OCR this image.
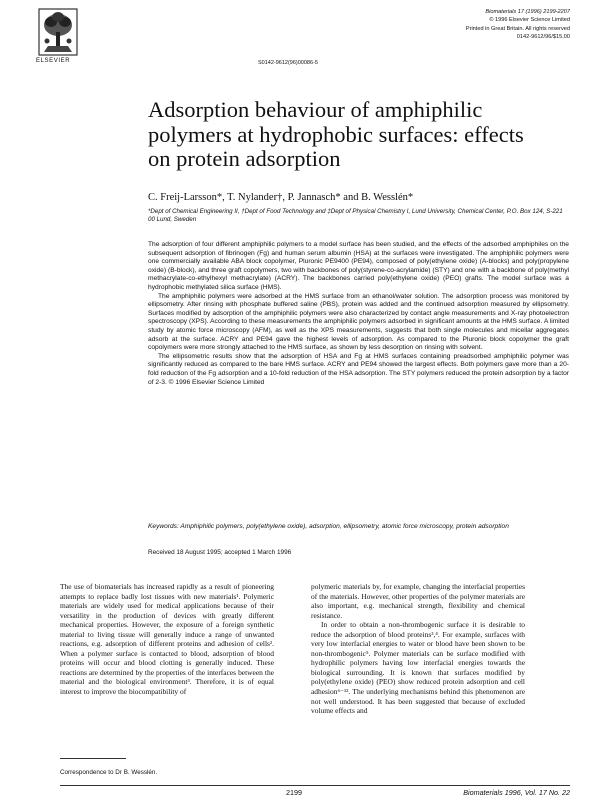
ELSEVIER	S0142-9612(96)00086-5
Biomaterials 17 (1996) 2199-2207
© 1996 Elsevier Science Limited
Printed in Great Britain. All rights reserved
0142-9612/96/$15.00
Adsorption behaviour of amphiphilic polymers at hydrophobic surfaces: effects on protein adsorption
C. Freij-Larsson*, T. Nylander†, P. Jannasch* and B. Wesslén*
*Dept of Chemical Engineering II, †Dept of Food Technology and ‡Dept of Physical Chemistry I, Lund University, Chemical Center, P.O. Box 124, S-221 00 Lund, Sweden

The adsorption of four different amphiphilic polymers to a model surface has been studied, and the effects of the adsorbed amphiphiles on the subsequent adsorption of fibrinogen (Fg) and human serum albumin (HSA) at the surfaces were investigated. The amphiphilic polymers were one commercially available ABA block copolymer, Pluronic PE9400 (PE94), composed of poly(ethylene oxide) (A-blocks) and poly(propylene oxide) (B-block), and three graft copolymers, two with backbones of poly(styrene-co-acrylamide) (STY) and one with a backbone of poly(methyl methacrylate-co-ethylhexyl methacrylate) (ACRY). The backbones carried poly(ethylene oxide) (PEO) grafts. The model surface was a hydrophobic methylated silica surface (HMS).

The amphiphilic polymers were adsorbed at the HMS surface from an ethanol/water solution. The adsorption process was monitored by ellipsometry. After rinsing with phosphate buffered saline (PBS), protein was added and the continued adsorption measured by ellipsometry. Surfaces modified by adsorption of the amphiphilic polymers were also characterized by contact angle measurements and X-ray photoelectron spectroscopy (XPS). According to these measurements the amphiphilic polymers adsorbed in significant amounts at the HMS surface. A limited study by atomic force microscopy (AFM), as well as the XPS measurements, suggests that both single molecules and micellar aggregates adsorb at the surface. ACRY and PE94 gave the highest levels of adsorption. As compared to the Pluronic block copolymer the graft copolymers were more strongly attached to the HMS surface, as shown by less desorption on rinsing with solvent.

The ellipsometric results show that the adsorption of HSA and Fg at HMS surfaces containing preadsorbed amphiphilic polymer was significantly reduced as compared to the bare HMS surface. ACRY and PE94 showed the largest effects. Both polymers gave more than a 20-fold reduction of the Fg adsorption and a 10-fold reduction of the HSA adsorption. The STY polymers reduced the protein adsorption by a factor of 2-3. © 1996 Elsevier Science Limited

Keywords: Amphiphilic polymers, poly(ethylene oxide), adsorption, ellipsometry, atomic force microscopy, protein adsorption
Received 18 August 1995; accepted 1 March 1996

The use of biomaterials has increased rapidly as a result of pioneering attempts to replace badly lost tissues with new materials¹. Polymeric materials are widely used for medical applications because of their versatility in the production of devices with greatly different mechanical properties. However, the exposure of a foreign synthetic material to living tissue will generally induce a range of unwanted reactions, e.g. adsorption of different proteins and adhesion of cells². When a polymer surface is contacted to blood, adsorption of blood proteins will occur and blood clotting is generally induced. These reactions are determined by the properties of the interfaces between the material and the biological environment³. Therefore, it is of equal interest to improve the biocompatibility of

polymeric materials by, for example, changing the interfacial properties of the materials. However, other properties of the polymer materials are also important, e.g. mechanical strength, flexibility and chemical resistance.

In order to obtain a non-thrombogenic surface it is desirable to reduce the adsorption of blood proteins³,⁴. For example, surfaces with very low interfacial energies to water or blood have been shown to be non-thrombogenic⁵. Polymer materials can be surface modified with hydrophilic polymers having low interfacial energies towards the biological surrounding. It is known that surfaces modified by poly(ethylene oxide) (PEO) show reduced protein adsorption and cell adhesion⁶⁻¹². The underlying mechanisms behind this phenomenon are not well understood. It has been suggested that because of excluded volume effects and

Correspondence to Dr B. Wesslén.
2199	Biomaterials 1996, Vol. 17 No. 22
